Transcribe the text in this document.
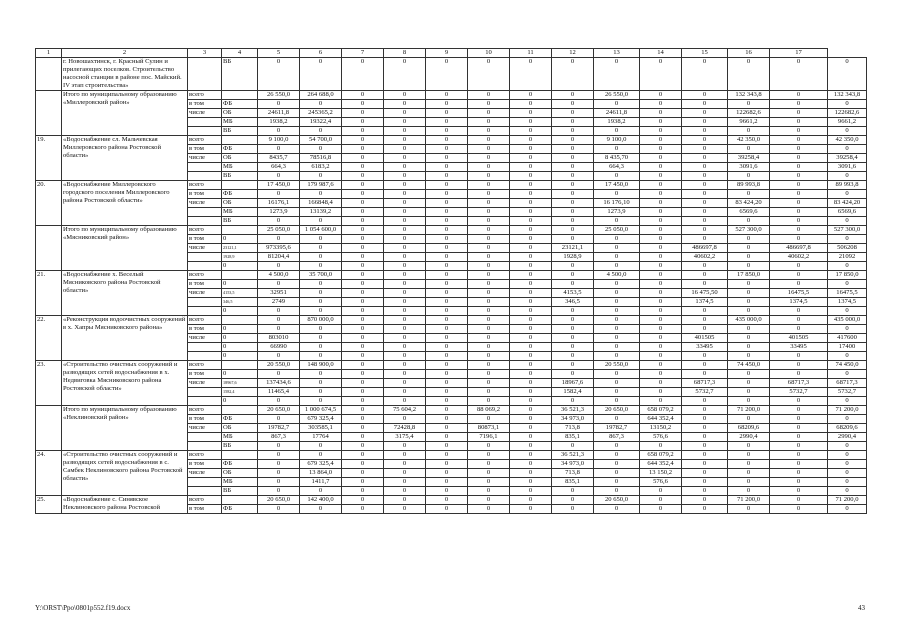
1	2	3	4	5	6	7	8	9	10	11	12	13	14	15	16	17	
	г. Новошахтинск, г. Красный Сулин и прилегающих поселков. Строительство насосной станции в районе пос. Майский. IV этап строительства»		ВБ	0	0	0	0	0	0	0	0	0	0	0	0	0	0
	Итого по муниципальному образованию «Миллеровский район»	всего		26 550,0	264 688,0	0	0	0	0	0	0	26 550,0	0	0	132 343,8	0	132 343,8
		в том	ФБ	0	0	0	0	0	0	0	0	0	0	0	0	0	0
		числе	ОБ	24611,8	245365,2	0	0	0	0	0	0	24611,8	0	0	122682,6	0	122682,6
			МБ	1938,2	19322,4	0	0	0	0	0	0	1938,2	0	0	9661,2	0	9661,2
			ВБ	0	0	0	0	0	0	0	0	0	0	0	0	0	0
19.	«Водоснабжение сл. Мальчевская Миллеровского района Ростовской области»	всего		9 100,0	54 700,0	0	0	0	0	0	0	9 100,0	0	0	42 350,0	0	42 350,0
		в том	ФБ	0	0	0	0	0	0	0	0	0	0	0	0	0	0
		числе	ОБ	8435,7	78516,8	0	0	0	0	0	0	8 435,70	0	0	39258,4	0	39258,4
			МБ	664,3	6183,2	0	0	0	0	0	0	664,3	0	0	3091,6	0	3091,6
			ВБ	0	0	0	0	0	0	0	0	0	0	0	0	0	0
20.	«Водоснабжение Миллеровского городского поселения Миллеровского района Ростовской области»	всего		17 450,0	179 987,6	0	0	0	0	0	0	17 450,0	0	0	89 993,8	0	89 993,8
		в том	ФБ	0	0	0	0	0	0	0	0	0	0	0	0	0	0
		числе	ОБ	16176,1	166848,4	0	0	0	0	0	0	16 176,10	0	0	83 424,20	0	83 424,20
			МБ	1273,9	13139,2	0	0	0	0	0	0	1273,9	0	0	6569,6	0	6569,6
			ВБ	0	0	0	0	0	0	0	0	0	0	0	0	0	0
	Итого по муниципальному образованию «Мясниковский район»	всего		25 050,0	1 054 600,0	0	0	0	0	0	0	25 050,0	0	0	527 300,0	0	527 300,0
		в том	0	0	0	0	0	0	0	0	0	0	0	0	0	0	0
		числе	$^{23121,1}$	973395,6	0	0	0	0	0	0	23121,1	0	0	486697,8	0	486697,8	506208
			$^{1928,9}$	81204,4	0	0	0	0	0	0	1928,9	0	0	40602,2	0	40602,2	21092
			0	0	0	0	0	0	0	0	0	0	0	0	0	0	0
21.	«Водоснабжение х. Веселый Мясниковского района Ростовской области»	всего		4 500,0	35 700,0	0	0	0	0	0	0	4 500,0	0	0	17 850,0	0	17 850,0
		в том	0	0	0	0	0	0	0	0	0	0	0	0	0	0	0
		числе	$^{4153,5}$	32951	0	0	0	0	0	0	4153,5	0	0	16 475,50	0	16475,5	16475,5
			$^{346,5}$	2749	0	0	0	0	0	0	346,5	0	0	1374,5	0	1374,5	1374,5
			0	0	0	0	0	0	0	0	0	0	0	0	0	0	0
22.	«Реконструкция водоочистных сооружений в х. Хапры Мясниковского района»	всего		0	870 000,0	0	0	0	0	0	0	0	0	0	435 000,0	0	435 000,0
		в том	0	0	0	0	0	0	0	0	0	0	0	0	0	0	0
		числе	0	803010	0	0	0	0	0	0	0	0	0	401505	0	401505	417600
			0	66990	0	0	0	0	0	0	0	0	0	33495	0	33495	17400
			0	0	0	0	0	0	0	0	0	0	0	0	0	0	0
23.	«Строительство очистных сооружений и разводящих сетей водоснабжения в х. Недвиговка Мясниковского района Ростовской области»	всего		20 550,0	148 900,0	0	0	0	0	0	0	20 550,0	0	0	74 450,0	0	74 450,0
		в том	0	0	0	0	0	0	0	0	0	0	0	0	0	0	0
		числе	$^{18967,6}$	137434,6	0	0	0	0	0	0	18967,6	0	0	68717,3	0	68717,3	68717,3
			$^{1582,4}$	11465,4	0	0	0	0	0	0	1582,4	0	0	5732,7	0	5732,7	5732,7
			0	0	0	0	0	0	0	0	0	0	0	0	0	0	0
	Итого по муниципальному образованию «Неклиновский район»	всего		20 650,0	1 000 674,5	0	75 604,2	0	88 069,2	0	36 521,3	20 650,0	658 079,2	0	71 200,0	0	71 200,0
		в том	ФБ	0	679 325,4	0	0	0	0	0	34 973,0	0	644 352,4	0	0	0	0
		числе	ОБ	19782,7	303585,1	0	72428,8	0	80873,1	0	713,8	19782,7	13150,2	0	68209,6	0	68209,6
			МБ	867,3	17764	0	3175,4	0	7196,1	0	835,1	867,3	576,6	0	2990,4	0	2990,4
			ВБ	0	0	0	0	0	0	0	0	0	0	0	0	0	0
24.	«Строительство очистных сооружений и разводящих сетей водоснабжения в с. Самбек Неклиновского района Ростовской области»	всего		0	0	0	0	0	0	0	36 521,3	0	658 079,2	0	0	0	0
		в том	ФБ	0	679 325,4	0	0	0	0	0	34 973,0	0	644 352,4	0	0	0	0
		числе	ОБ	0	13 864,0	0	0	0	0	0	713,8	0	13 150,2	0	0	0	0
			МБ	0	1411,7	0	0	0	0	0	835,1	0	576,6	0	0	0	0
			ВБ	0	0	0	0	0	0	0	0	0	0	0	0	0	0
25.	«Водоснабжение с. Синявское Неклиновского района Ростовской	всего		20 650,0	142 400,0	0	0	0	0	0	0	20 650,0	0	0	71 200,0	0	71 200,0
		в том	ФБ	0	0	0	0	0	0	0	0	0	0	0	0	0	0
Y:\ORST\Ppo\0801p552.f19.docx	43
